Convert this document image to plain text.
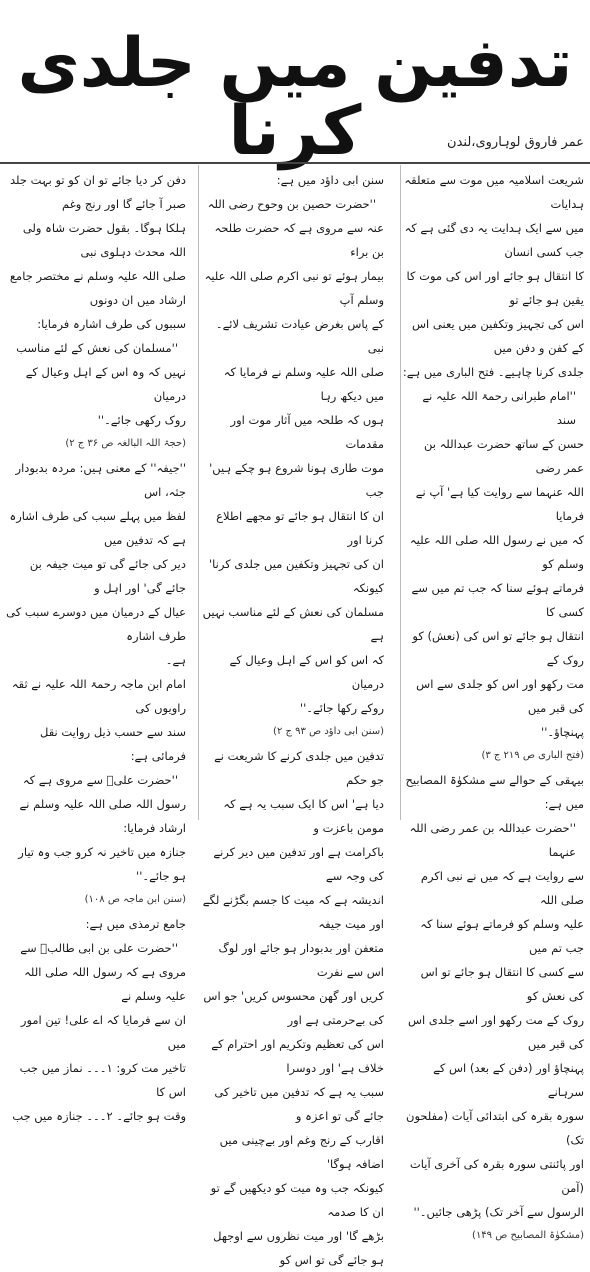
تدفین میں جلدی کرنا	عمر فاروق لوہاروی،لندن

شریعت اسلامیہ میں موت سے متعلقہ ہدایات

میں سے ایک ہدایت یہ دی گئی ہے کہ جب کسی انسان

کا انتقال ہو جائے اور اس کی موت کا یقین ہو جائے تو

اس کی تجہیز وتکفین میں یعنی اس کے کفن و دفن میں

جلدی کرنا چاہیے۔ فتح الباری میں ہے:

''امام طبرانی رحمۃ اللہ علیہ نے سند

حسن کے ساتھ حضرت عبداللہ بن عمر رضی

اللہ عنہما سے روایت کیا ہے' آپ نے فرمایا

کہ میں نے رسول اللہ صلی اللہ علیہ وسلم کو

فرماتے ہوئے سنا کہ جب تم میں سے کسی کا

انتقال ہو جائے تو اس کی (نعش) کو روک کے

مت رکھو اور اس کو جلدی سے اس کی قبر میں

پہنچاؤ۔''

(فتح الباری ص ۲۱۹ ج ۳)

بیہقی کے حوالے سے مشکوٰۃ المصابیح میں ہے:

''حضرت عبداللہ بن عمر رضی اللہ عنہما

سے روایت ہے کہ میں نے نبی اکرم صلی اللہ

علیہ وسلم کو فرماتے ہوئے سنا کہ جب تم میں

سے کسی کا انتقال ہو جائے تو اس کی نعش کو

روک کے مت رکھو اور اسے جلدی اس کی قبر میں

پہنچاؤ اور (دفن کے بعد) اس کے سرہانے

سورہ بقرہ کی ابتدائی آیات (مفلحون تک)

اور پائنتی سورہ بقرہ کی آخری آیات (آمن

الرسول سے آخر تک) پڑھی جائیں۔''

(مشکوٰۃ المصابیح ص ۱۴۹)

سنن ابی داؤد میں ہے:

''حضرت حصین بن وحوح رضی اللہ

عنہ سے مروی ہے کہ حضرت طلحہ بن براء

بیمار ہوئے تو نبی اکرم صلی اللہ علیہ وسلم آپ

کے پاس بغرض عیادت تشریف لائے۔ نبی

صلی اللہ علیہ وسلم نے فرمایا کہ میں دیکھ رہا

ہوں کہ طلحہ میں آثار موت اور مقدمات

موت طاری ہونا شروع ہو چکے ہیں' جب

ان کا انتقال ہو جائے تو مجھے اطلاع کرنا اور

ان کی تجہیز وتکفین میں جلدی کرنا' کیونکہ

مسلمان کی نعش کے لئے مناسب نہیں ہے

کہ اس کو اس کے اہل وعیال کے درمیان

روکے رکھا جائے۔''

(سنن ابی داؤد ص ۹۳ ج ۲)

تدفین میں جلدی کرنے کا شریعت نے جو حکم

دیا ہے' اس کا ایک سبب یہ ہے کہ مومن باعزت و

باکرامت ہے اور تدفین میں دیر کرنے کی وجہ سے

اندیشہ ہے کہ میت کا جسم بگڑنے لگے اور میت جیفہ

متعفن اور بدبودار ہو جائے اور لوگ اس سے نفرت

کریں اور گھن محسوس کریں' جو اس کی بےحرمتی ہے اور

اس کی تعظیم وتکریم اور احترام کے خلاف ہے' اور دوسرا

سبب یہ ہے کہ تدفین میں تاخیر کی جائے گی تو اعزہ و

اقارب کے رنج وغم اور بےچینی میں اضافہ ہوگا'

کیونکہ جب وہ میت کو دیکھیں گے تو ان کا صدمہ

بڑھے گا' اور میت نظروں سے اوجھل ہو جائے گی تو اس کو

دفن کر دیا جائے تو ان کو تو بہت جلد صبر آ جائے گا اور رنج وغم

ہلکا ہوگا۔ بقول حضرت شاہ ولی اللہ محدث دہلوی نبی

صلی اللہ علیہ وسلم نے مختصر جامع ارشاد میں ان دونوں

سببوں کی طرف اشارہ فرمایا:

''مسلمان کی نعش کے لئے مناسب

نہیں کہ وہ اس کے اہل وعیال کے درمیان

روک رکھی جائے۔''

(حجۃ اللہ البالغہ ص ۳۶ ج ۲)

''جیفہ'' کے معنی ہیں: مردہ بدبودار جثہ، اس

لفظ میں پہلے سبب کی طرف اشارہ ہے کہ تدفین میں

دیر کی جائے گی تو میت جیفہ بن جائے گی' اور اہل و

عیال کے درمیان میں دوسرے سبب کی طرف اشارہ

ہے۔

امام ابن ماجہ رحمۃ اللہ علیہ نے ثقہ راویوں کی

سند سے حسب ذیل روایت نقل فرمائی ہے:

''حضرت علیؓ سے مروی ہے کہ

رسول اللہ صلی اللہ علیہ وسلم نے ارشاد فرمایا:

جنازہ میں تاخیر نہ کرو جب وہ تیار

ہو جائے۔''

(سنن ابن ماجہ ص ۱۰۸)

جامع ترمذی میں ہے:

''حضرت علی بن ابی طالبؓ سے

مروی ہے کہ رسول اللہ صلی اللہ علیہ وسلم نے

ان سے فرمایا کہ اے علی! تین امور میں

تاخیر مت کرو: ۱۔۔۔ نماز میں جب اس کا

وقت ہو جائے۔ ۲۔۔۔ جنازہ میں جب
